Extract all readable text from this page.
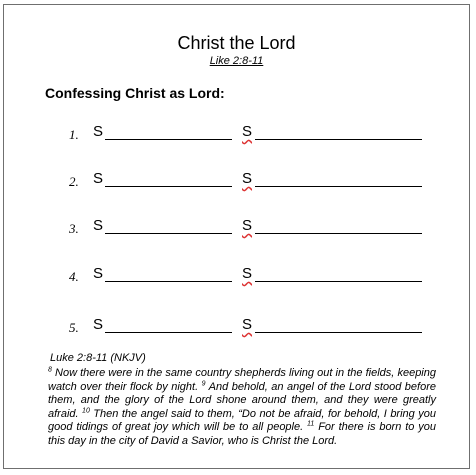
Christ the Lord
Like 2:8-11
Confessing Christ as Lord:
1. S	S
2. S	S
3. S	S
4. S	S
5. S	S
Luke 2:8-11 (NKJV)

$^8$ Now there were in the same country shepherds living out in the fields, keeping watch over their flock by night. $^9$ And behold, an angel of the Lord stood before them, and the glory of the Lord shone around them, and they were greatly afraid. $^{10}$ Then the angel said to them, “Do not be afraid, for behold, I bring you good tidings of great joy which will be to all people. $^{11}$ For there is born to you this day in the city of David a Savior, who is Christ the Lord.
